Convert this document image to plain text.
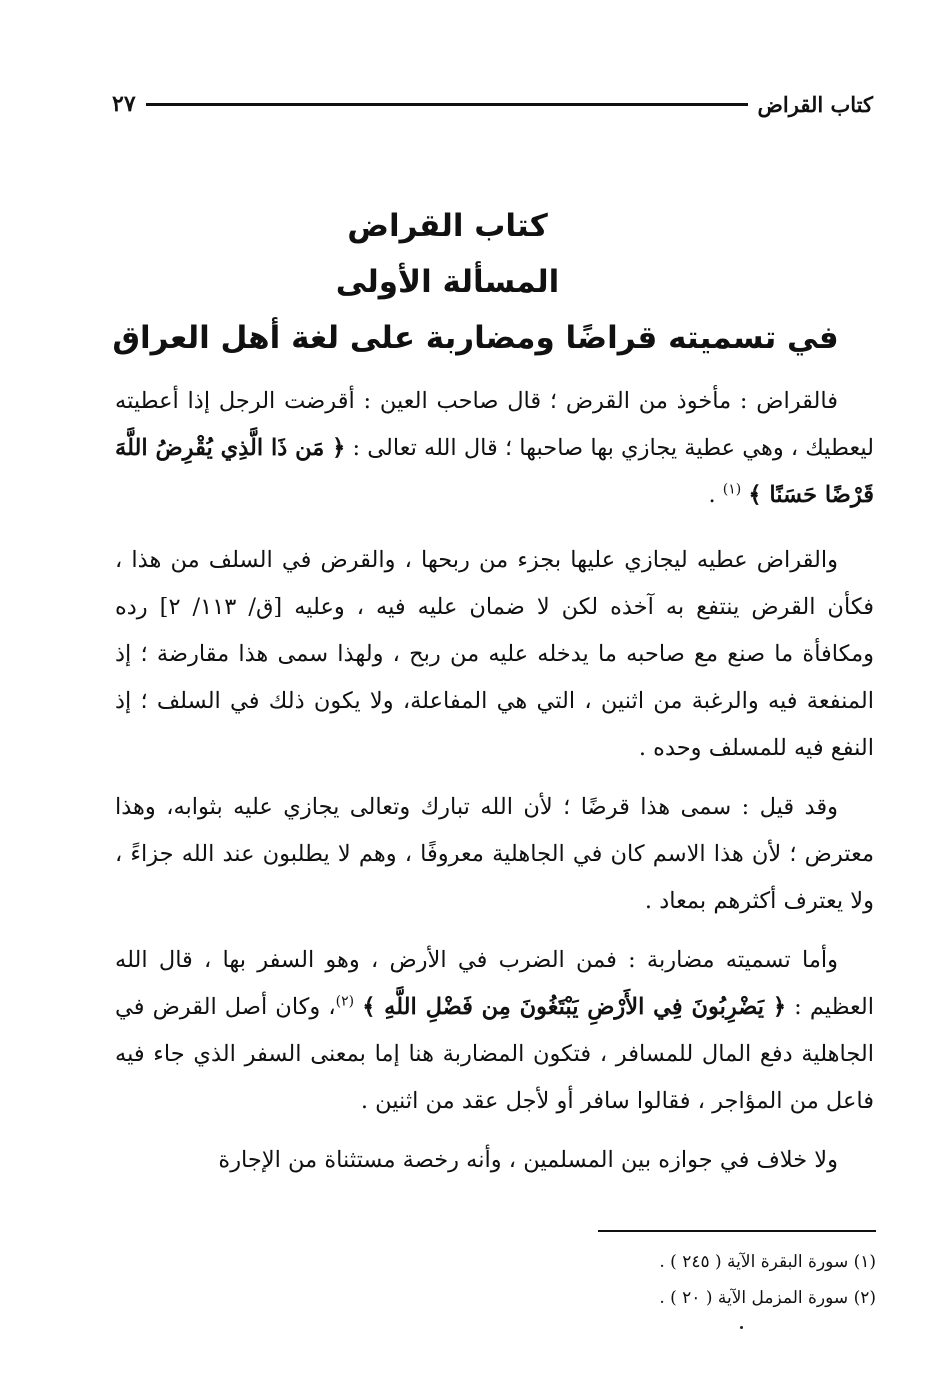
كتاب القراض
٢٧
كتاب القراض
المسألة الأولى
في تسميته قراضًا ومضاربة على لغة أهل العراق

فالقراض : مأخوذ من القرض ؛ قال صاحب العين : أقرضت الرجل إذا أعطيته ليعطيك ، وهي عطية يجازي بها صاحبها ؛ قال الله تعالى : ﴿ مَن ذَا الَّذِي يُقْرِضُ اللَّهَ قَرْضًا حَسَنًا ﴾ $^{(١)}$ .

والقراض عطيه ليجازي عليها بجزء من ربحها ، والقرض في السلف من هذا ، فكأن القرض ينتفع به آخذه لكن لا ضمان عليه فيه ، وعليه [ق/ ١١٣/ ٢] رده ومكافأة ما صنع مع صاحبه ما يدخله عليه من ربح ، ولهذا سمى هذا مقارضة ؛ إذ المنفعة فيه والرغبة من اثنين ، التي هي المفاعلة، ولا يكون ذلك في السلف ؛ إذ النفع فيه للمسلف وحده .

وقد قيل : سمى هذا قرضًا ؛ لأن الله تبارك وتعالى يجازي عليه بثوابه، وهذا معترض ؛ لأن هذا الاسم كان في الجاهلية معروفًا ، وهم لا يطلبون عند الله جزاءً ، ولا يعترف أكثرهم بمعاد .

وأما تسميته مضاربة : فمن الضرب في الأرض ، وهو السفر بها ، قال الله العظيم : ﴿ يَضْرِبُونَ فِي الأَرْضِ يَبْتَغُونَ مِن فَضْلِ اللَّهِ ﴾ $^{(٢)}$، وكان أصل القرض في الجاهلية دفع المال للمسافر ، فتكون المضاربة هنا إما بمعنى السفر الذي جاء فيه فاعل من المؤاجر ، فقالوا سافر أو لأجل عقد من اثنين .

ولا خلاف في جوازه بين المسلمين ، وأنه رخصة مستثناة من الإجارة

(١) سورة البقرة الآية ( ٢٤٥ ) .
(٢) سورة المزمل الآية ( ٢٠ ) .
